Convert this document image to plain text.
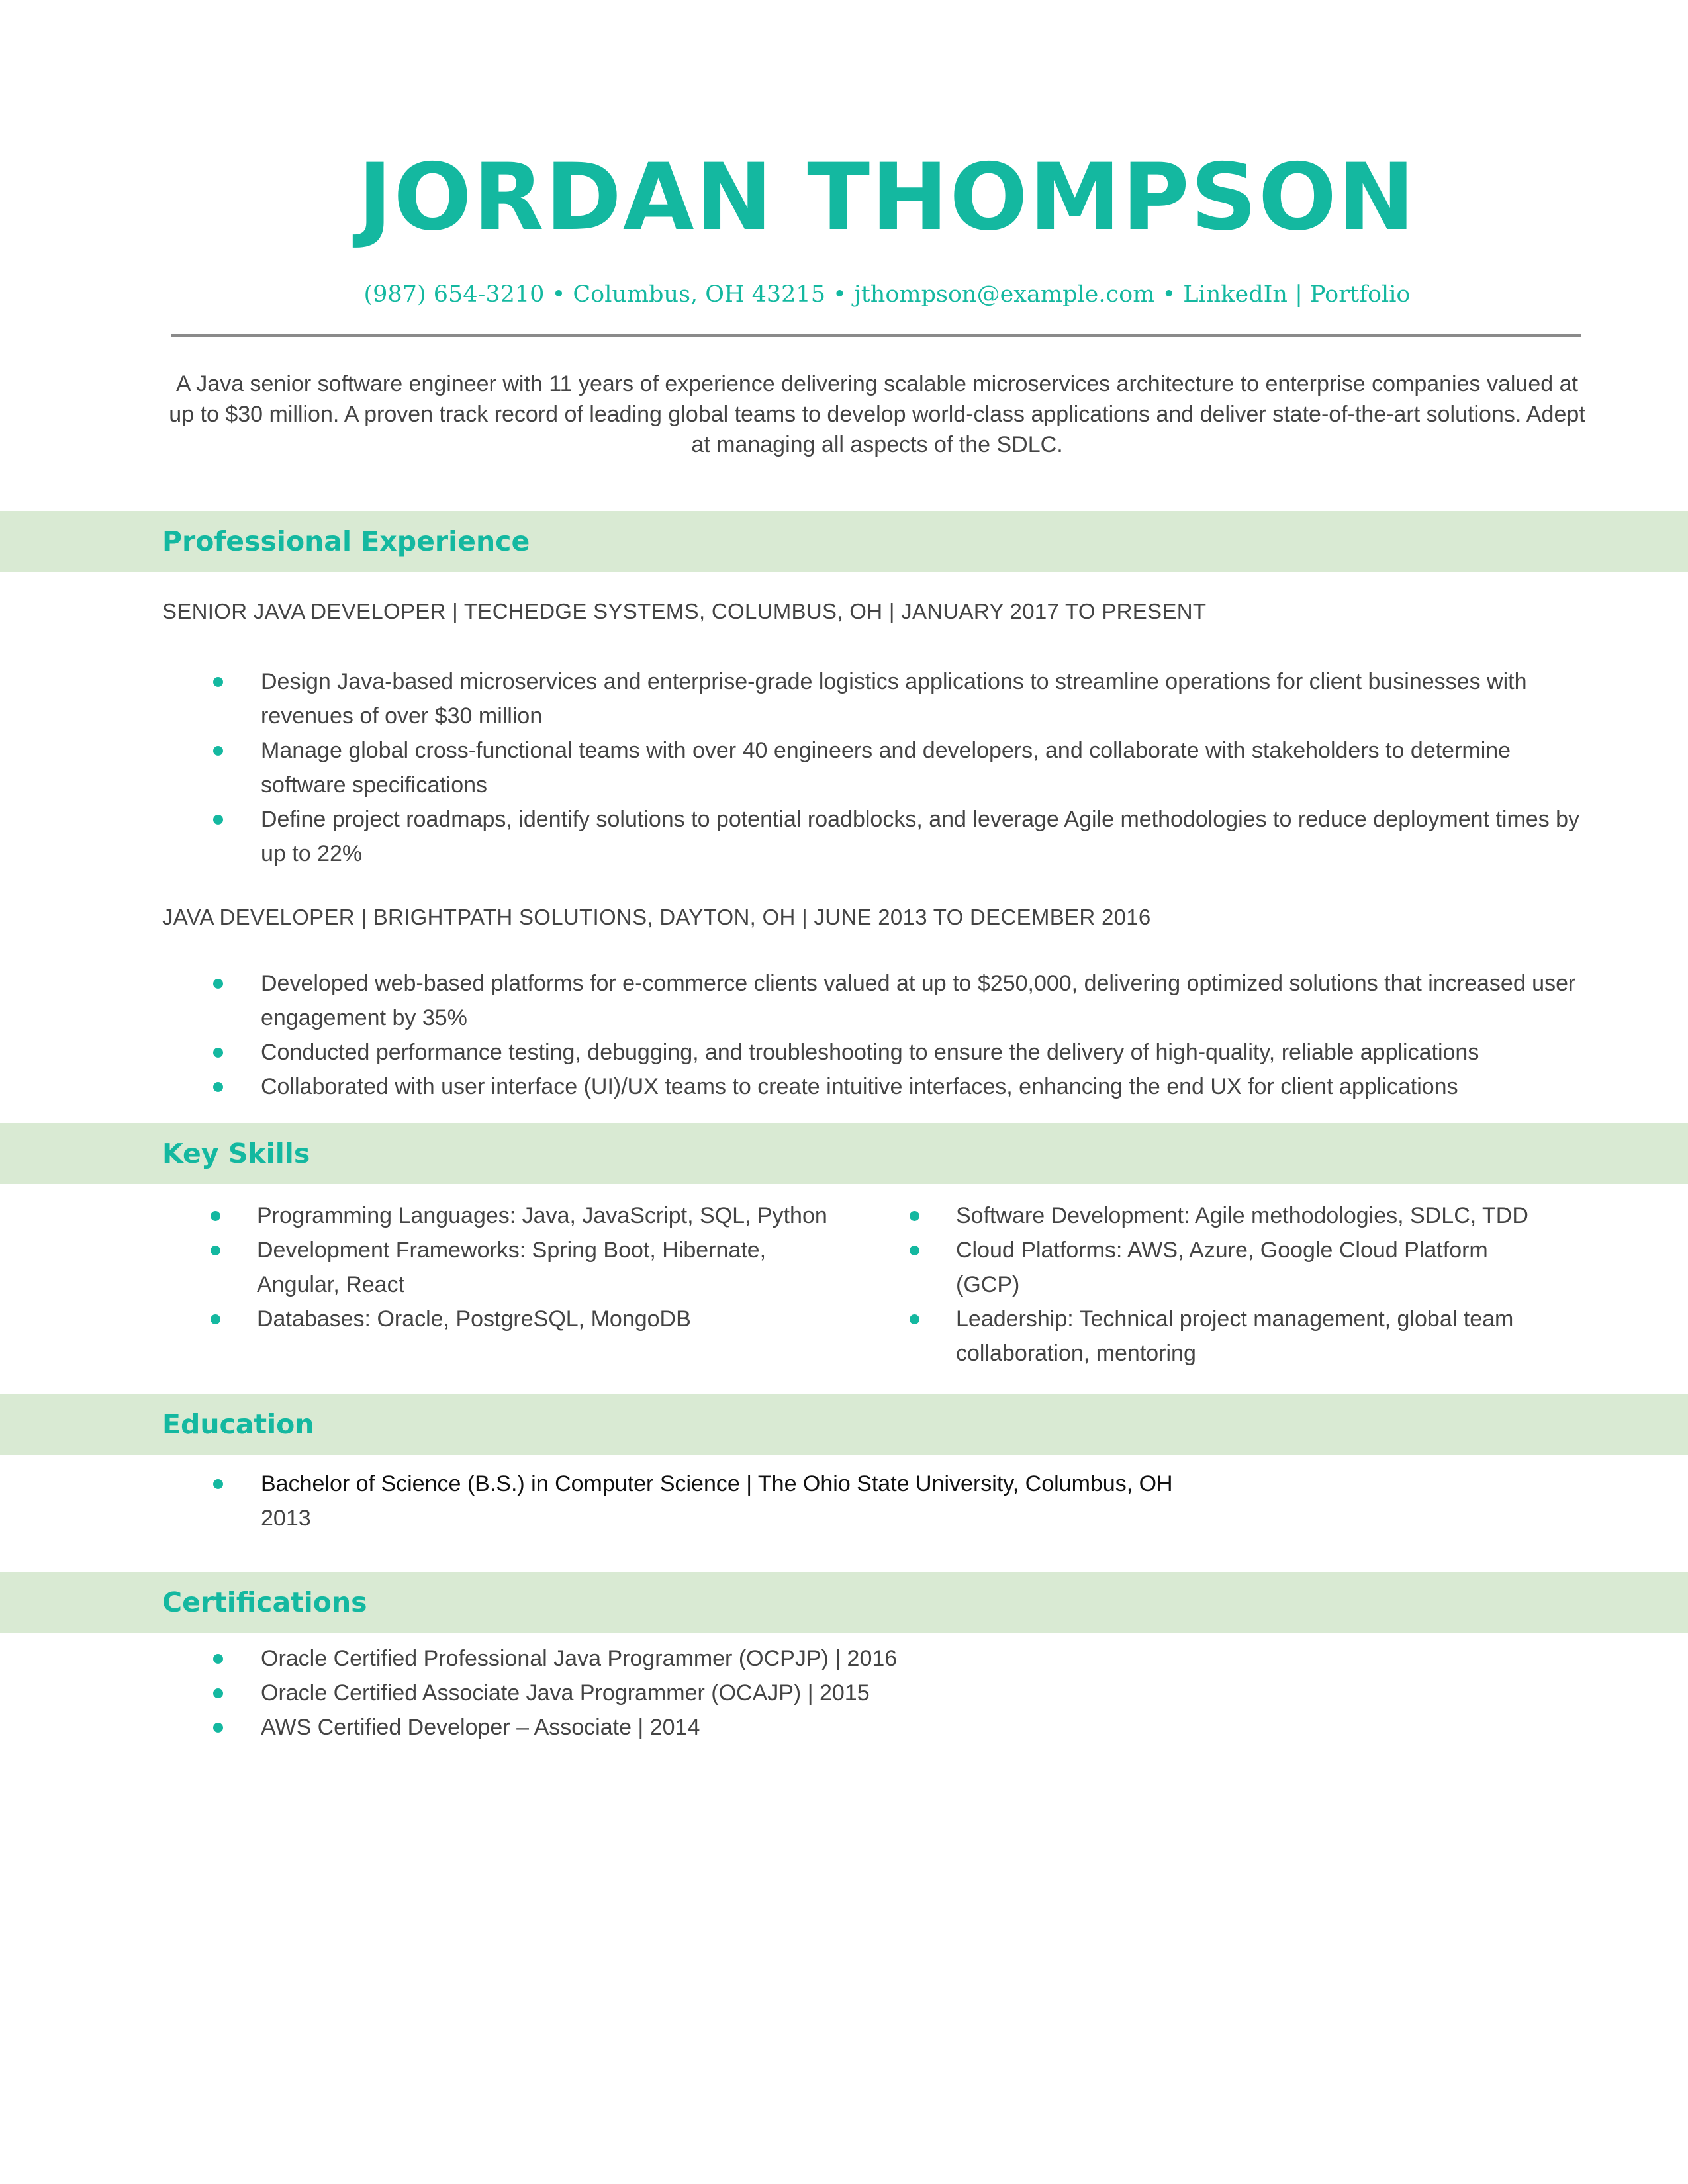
JORDAN THOMPSON
(987) 654-3210 • Columbus, OH 43215 • jthompson@example.com • LinkedIn | Portfolio

A Java senior software engineer with 11 years of experience delivering scalable microservices architecture to enterprise companies valued at up to $30 million. A proven track record of leading global teams to develop world-class applications and deliver state-of-the-art solutions. Adept at managing all aspects of the SDLC.

Professional Experience
SENIOR JAVA DEVELOPER | TECHEDGE SYSTEMS, COLUMBUS, OH | JANUARY 2017 TO PRESENT
Design Java-based microservices and enterprise-grade logistics applications to streamline operations for client businesses with revenues of over $30 million
Manage global cross-functional teams with over 40 engineers and developers, and collaborate with stakeholders to determine software specifications
Define project roadmaps, identify solutions to potential roadblocks, and leverage Agile methodologies to reduce deployment times by up to 22%
JAVA DEVELOPER | BRIGHTPATH SOLUTIONS, DAYTON, OH | JUNE 2013 TO DECEMBER 2016
Developed web-based platforms for e-commerce clients valued at up to $250,000, delivering optimized solutions that increased user engagement by 35%
Conducted performance testing, debugging, and troubleshooting to ensure the delivery of high-quality, reliable applications
Collaborated with user interface (UI)/UX teams to create intuitive interfaces, enhancing the end UX for client applications
Key Skills
Programming Languages: Java, JavaScript, SQL, Python
Development Frameworks: Spring Boot, Hibernate, Angular, React
Databases: Oracle, PostgreSQL, MongoDB
Software Development: Agile methodologies, SDLC, TDD
Cloud Platforms: AWS, Azure, Google Cloud Platform (GCP)
Leadership: Technical project management, global team collaboration, mentoring
Education
Bachelor of Science (B.S.) in Computer Science | The Ohio State University, Columbus, OH
2013
Certifications
Oracle Certified Professional Java Programmer (OCPJP) | 2016
Oracle Certified Associate Java Programmer (OCAJP) | 2015
AWS Certified Developer – Associate | 2014
